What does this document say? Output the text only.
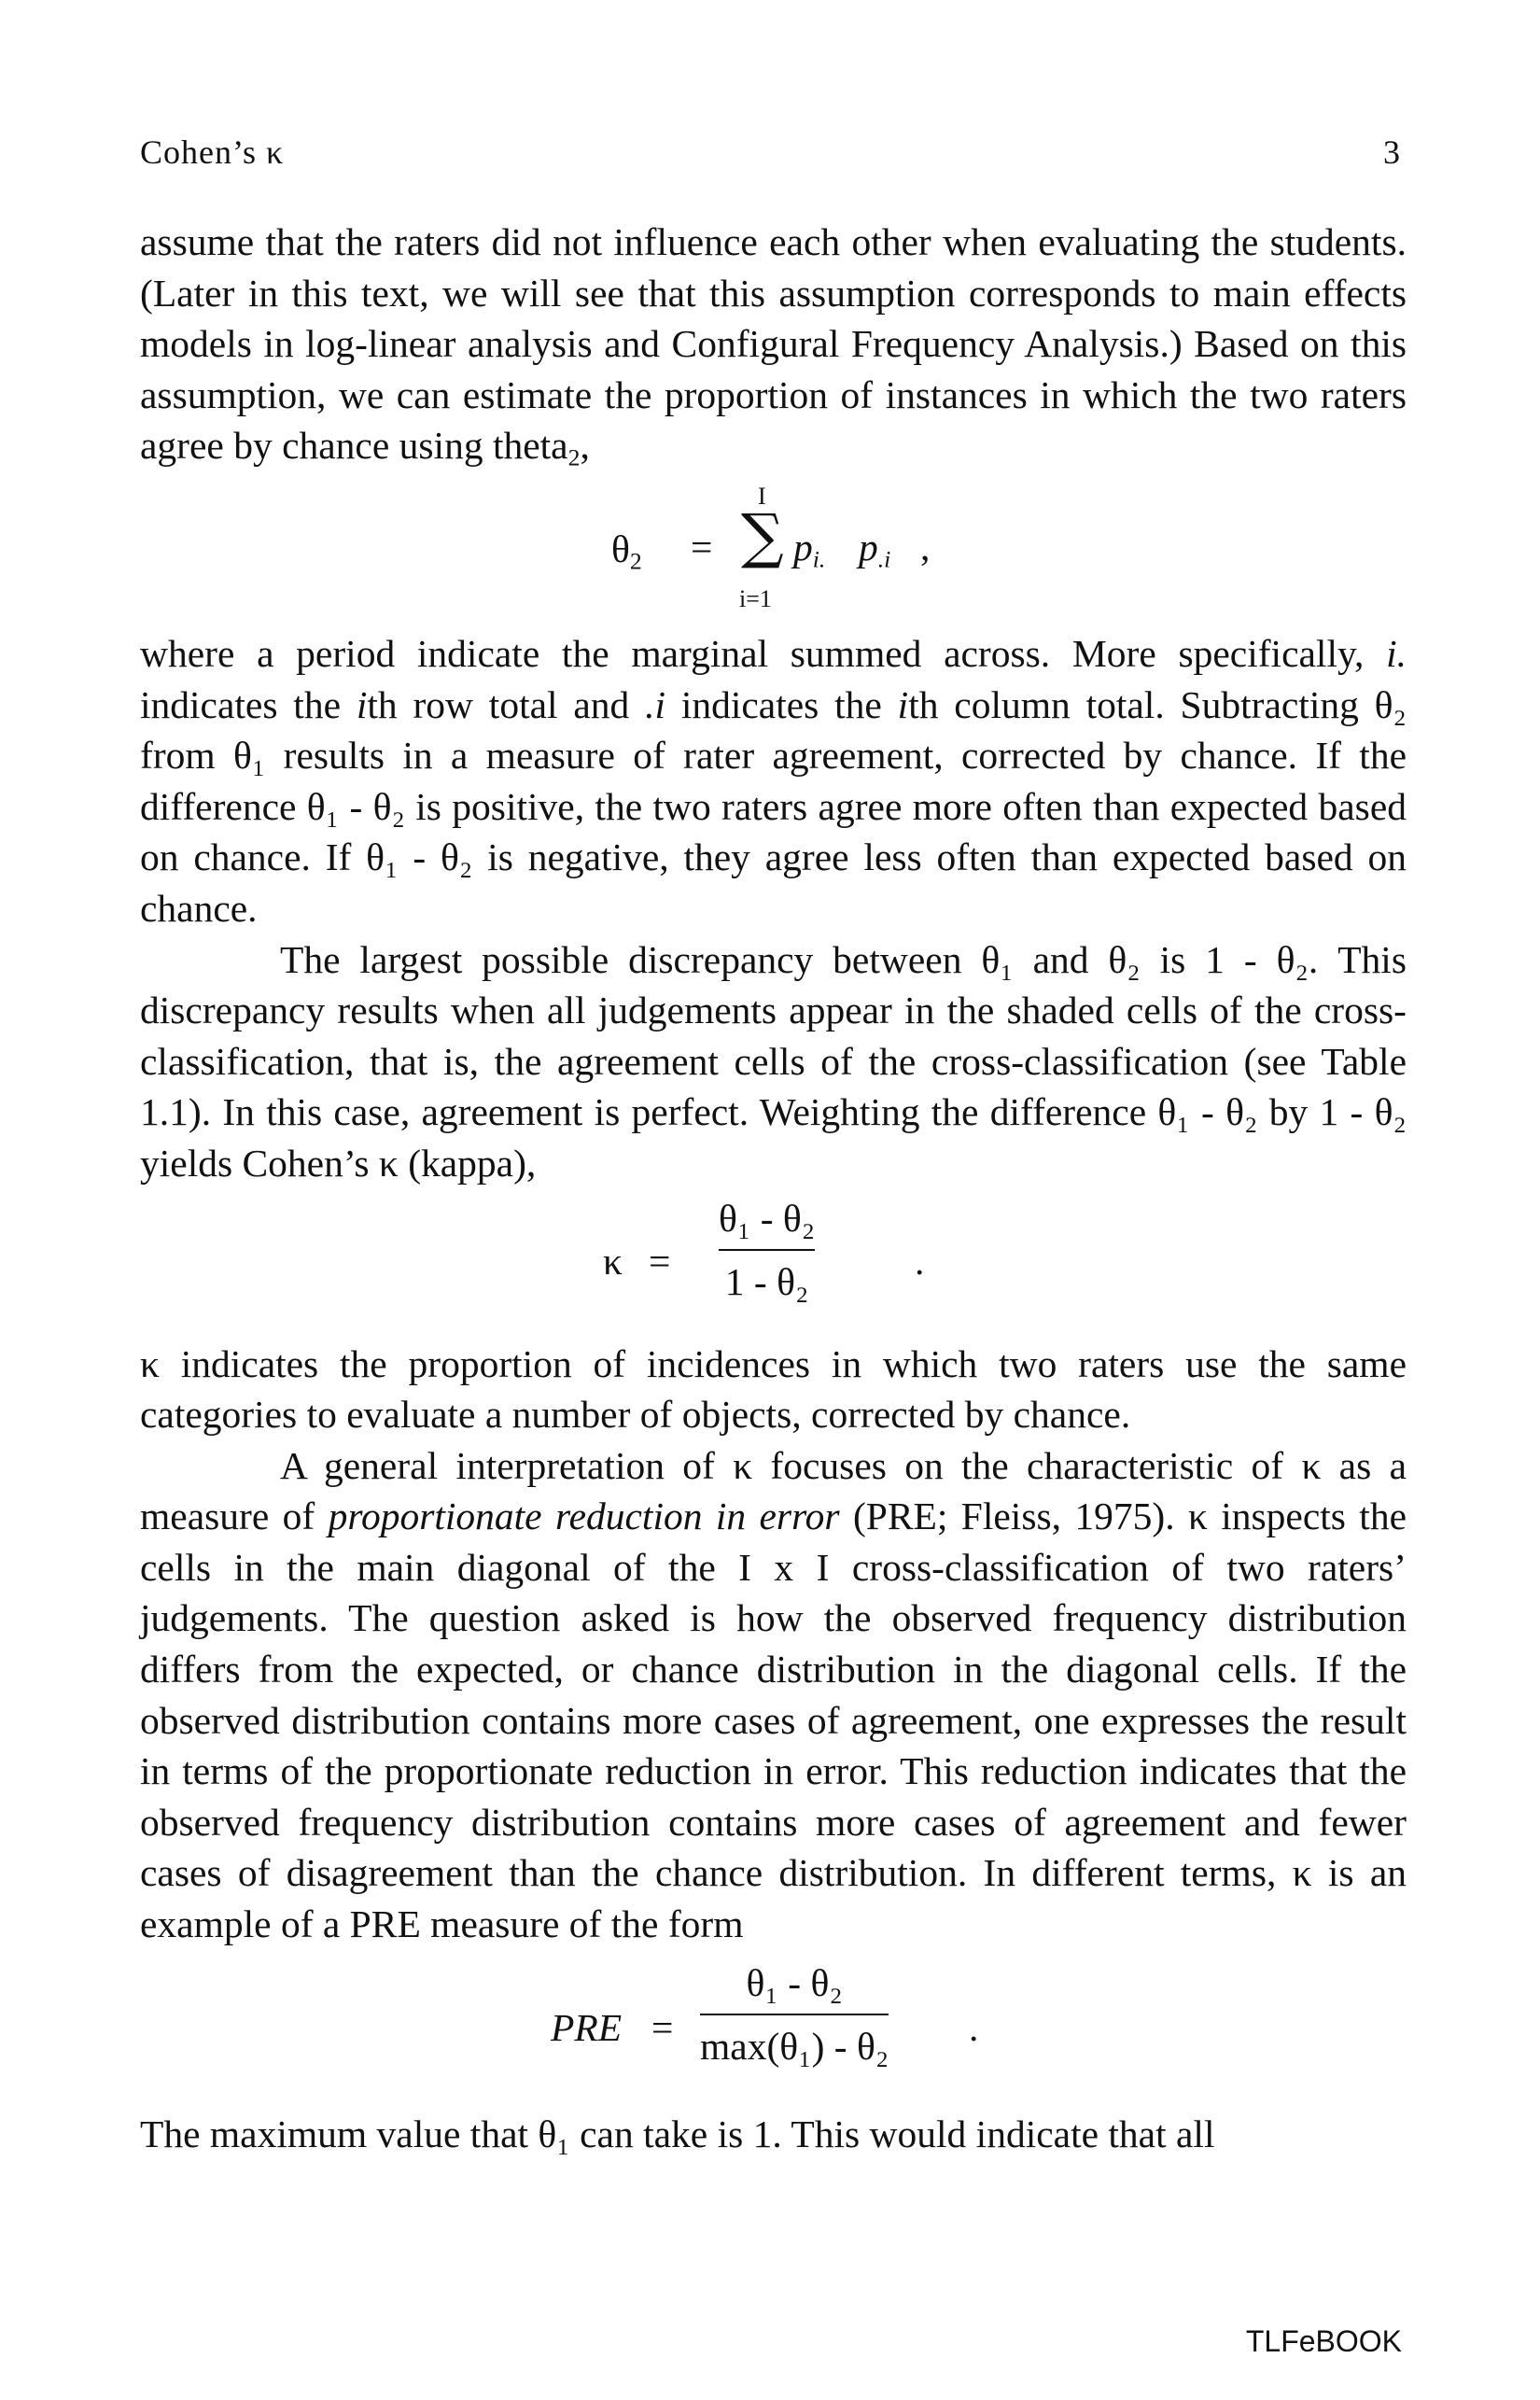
Cohen’s κ	3

assume that the raters did not influence each other when evaluating the students. (Later in this text, we will see that this assumption corresponds to main effects models in log-linear analysis and Configural Frequency Analysis.) Based on this assumption, we can estimate the proportion of instances in which the two raters agree by chance using theta$_2$,

$\theta_2$ =
I
∑
i=1
$p_{i.}$ $p_{.i}$ ,

where a period indicate the marginal summed across. More specifically, i. indicates the ith row total and .i indicates the ith column total. Subtracting θ₂ from θ₁ results in a measure of rater agreement, corrected by chance. If the difference θ₁ - θ₂ is positive, the two raters agree more often than expected based on chance. If θ₁ - θ₂ is negative, they agree less often than expected based on chance.

The largest possible discrepancy between θ₁ and θ₂ is 1 - θ₂. This discrepancy results when all judgements appear in the shaded cells of the cross-classification, that is, the agreement cells of the cross-classification (see Table 1.1). In this case, agreement is perfect. Weighting the difference θ₁ - θ₂ by 1 - θ₂ yields Cohen’s κ (kappa),

κ =
θ₁ - θ₂
1 - θ₂	.

κ indicates the proportion of incidences in which two raters use the same categories to evaluate a number of objects, corrected by chance.

A general interpretation of κ focuses on the characteristic of κ as a measure of proportionate reduction in error (PRE; Fleiss, 1975). κ inspects the cells in the main diagonal of the I x I cross-classification of two raters’ judgements. The question asked is how the observed frequency distribution differs from the expected, or chance distribution in the diagonal cells. If the observed distribution contains more cases of agreement, one expresses the result in terms of the proportionate reduction in error. This reduction indicates that the observed frequency distribution contains more cases of agreement and fewer cases of disagreement than the chance distribution. In different terms, κ is an example of a PRE measure of the form

PRE =
θ₁ - θ₂
max(θ₁) - θ₂ .

The maximum value that θ₁ can take is 1. This would indicate that all

TLFeBOOK
